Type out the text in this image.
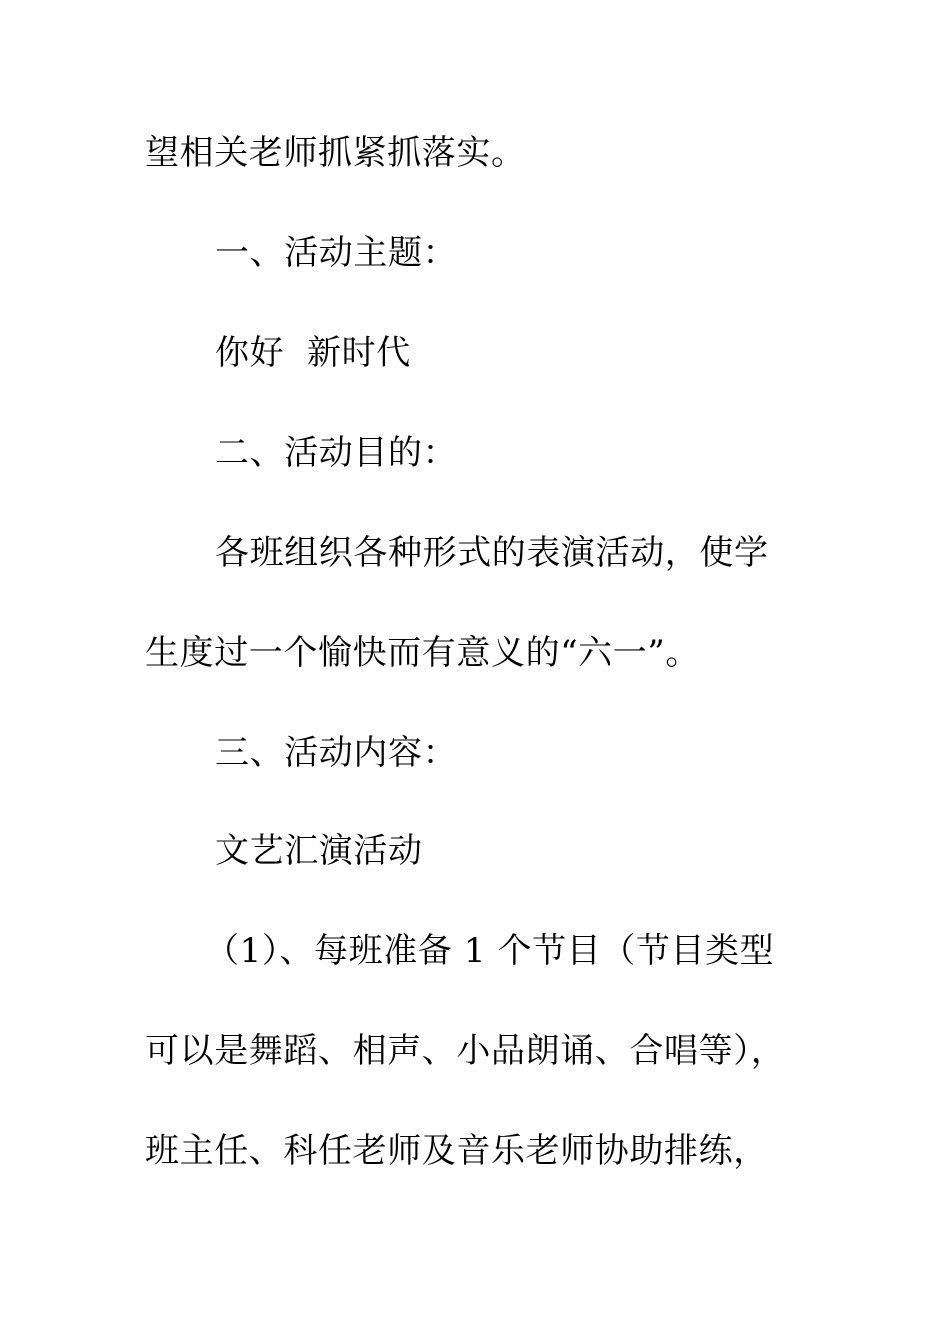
望相关老师抓紧抓落实。
一、活动主题：
你好  新时代
二、活动目的：
各班组织各种形式的表演活动，使学
生度过一个愉快而有意义的“六一”。
三、活动内容：
文艺汇演活动
（1）、每班准备 1 个节目（节目类型
可以是舞蹈、相声、小品朗诵、合唱等），
班主任、科任老师及音乐老师协助排练，
